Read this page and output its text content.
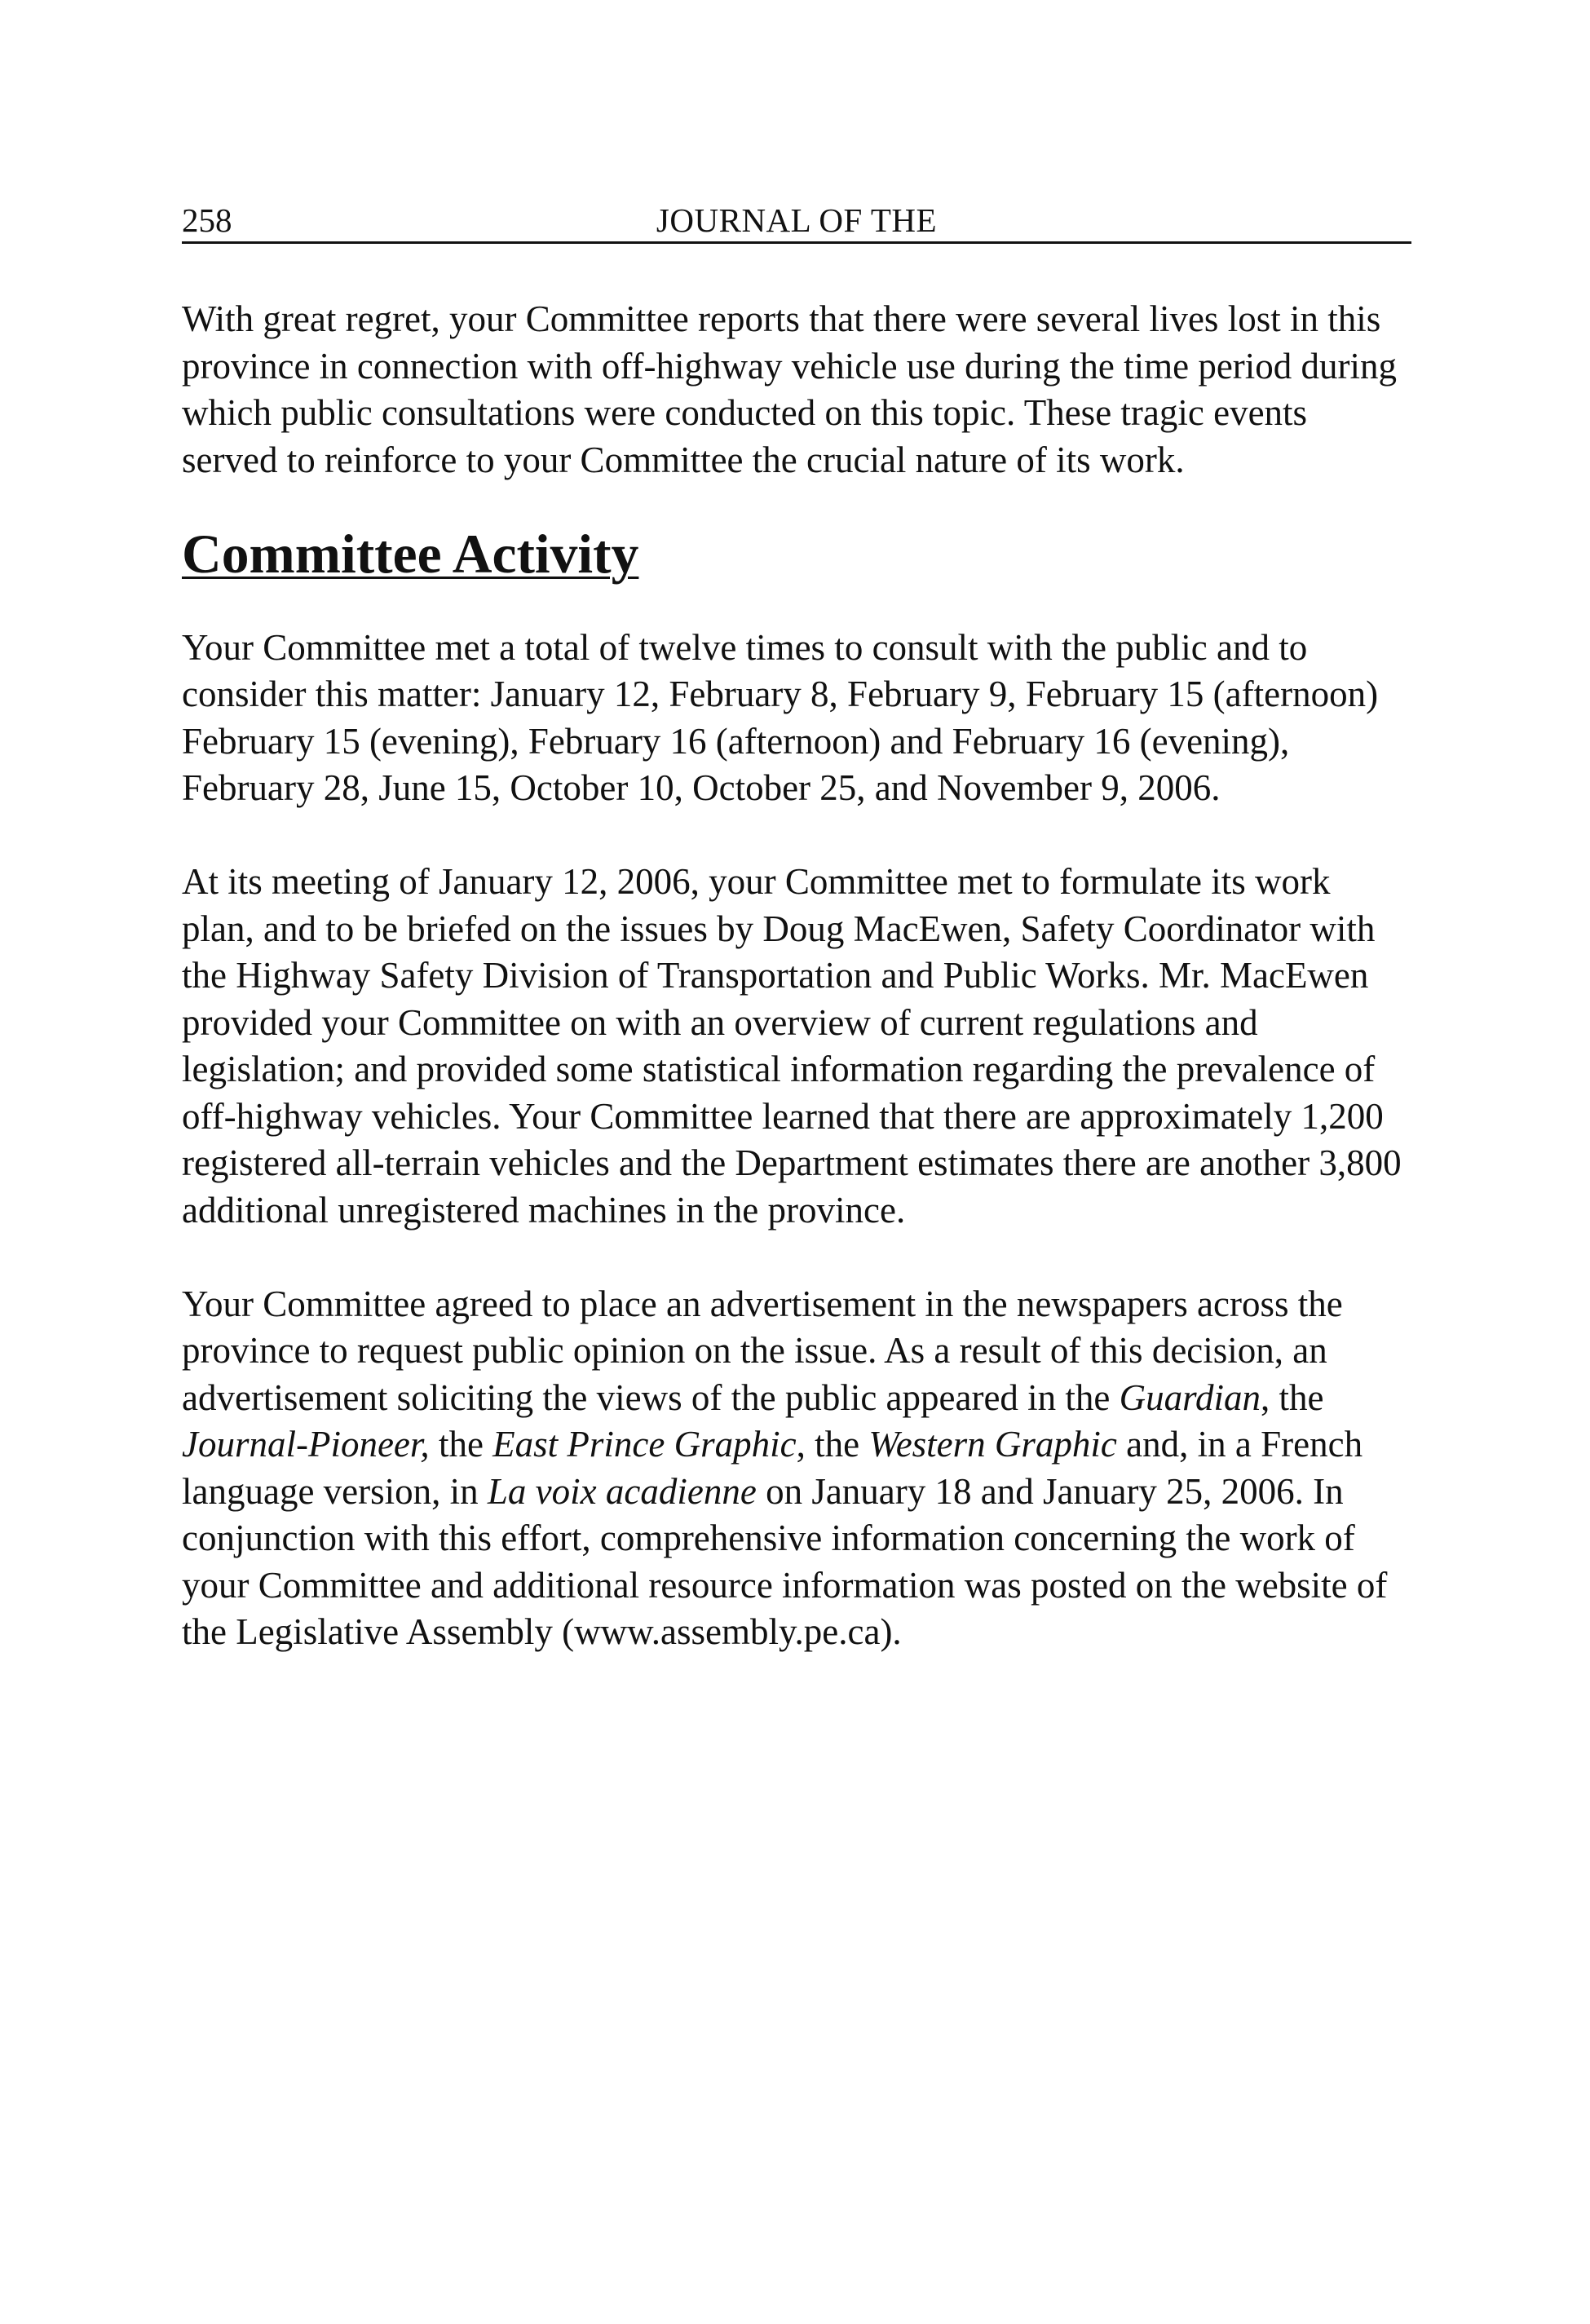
258	JOURNAL OF THE

With great regret, your Committee reports that there were several lives lost in this province in connection with off-highway vehicle use during the time period during which public consultations were conducted on this topic. These tragic events served to reinforce to your Committee the crucial nature of its work.

Committee Activity

Your Committee met a total of twelve times to consult with the public and to consider this matter: January 12, February 8, February 9, February 15 (afternoon) February 15 (evening), February 16 (afternoon) and February 16 (evening), February 28, June 15, October 10, October 25, and November 9, 2006.

At its meeting of January 12, 2006, your Committee met to formulate its work plan, and to be briefed on the issues by Doug MacEwen, Safety Coordinator with the Highway Safety Division of Transportation and Public Works. Mr. MacEwen provided your Committee on with an overview of current regulations and legislation; and provided some statistical information regarding the prevalence of off-highway vehicles. Your Committee learned that there are approximately 1,200 registered all-terrain vehicles and the Department estimates there are another 3,800 additional unregistered machines in the province.

Your Committee agreed to place an advertisement in the newspapers across the province to request public opinion on the issue. As a result of this decision, an advertisement soliciting the views of the public appeared in the Guardian, the Journal-Pioneer, the East Prince Graphic, the Western Graphic and, in a French language version, in La voix acadienne on January 18 and January 25, 2006. In conjunction with this effort, comprehensive information concerning the work of your Committee and additional resource information was posted on the website of the Legislative Assembly (www.assembly.pe.ca).
